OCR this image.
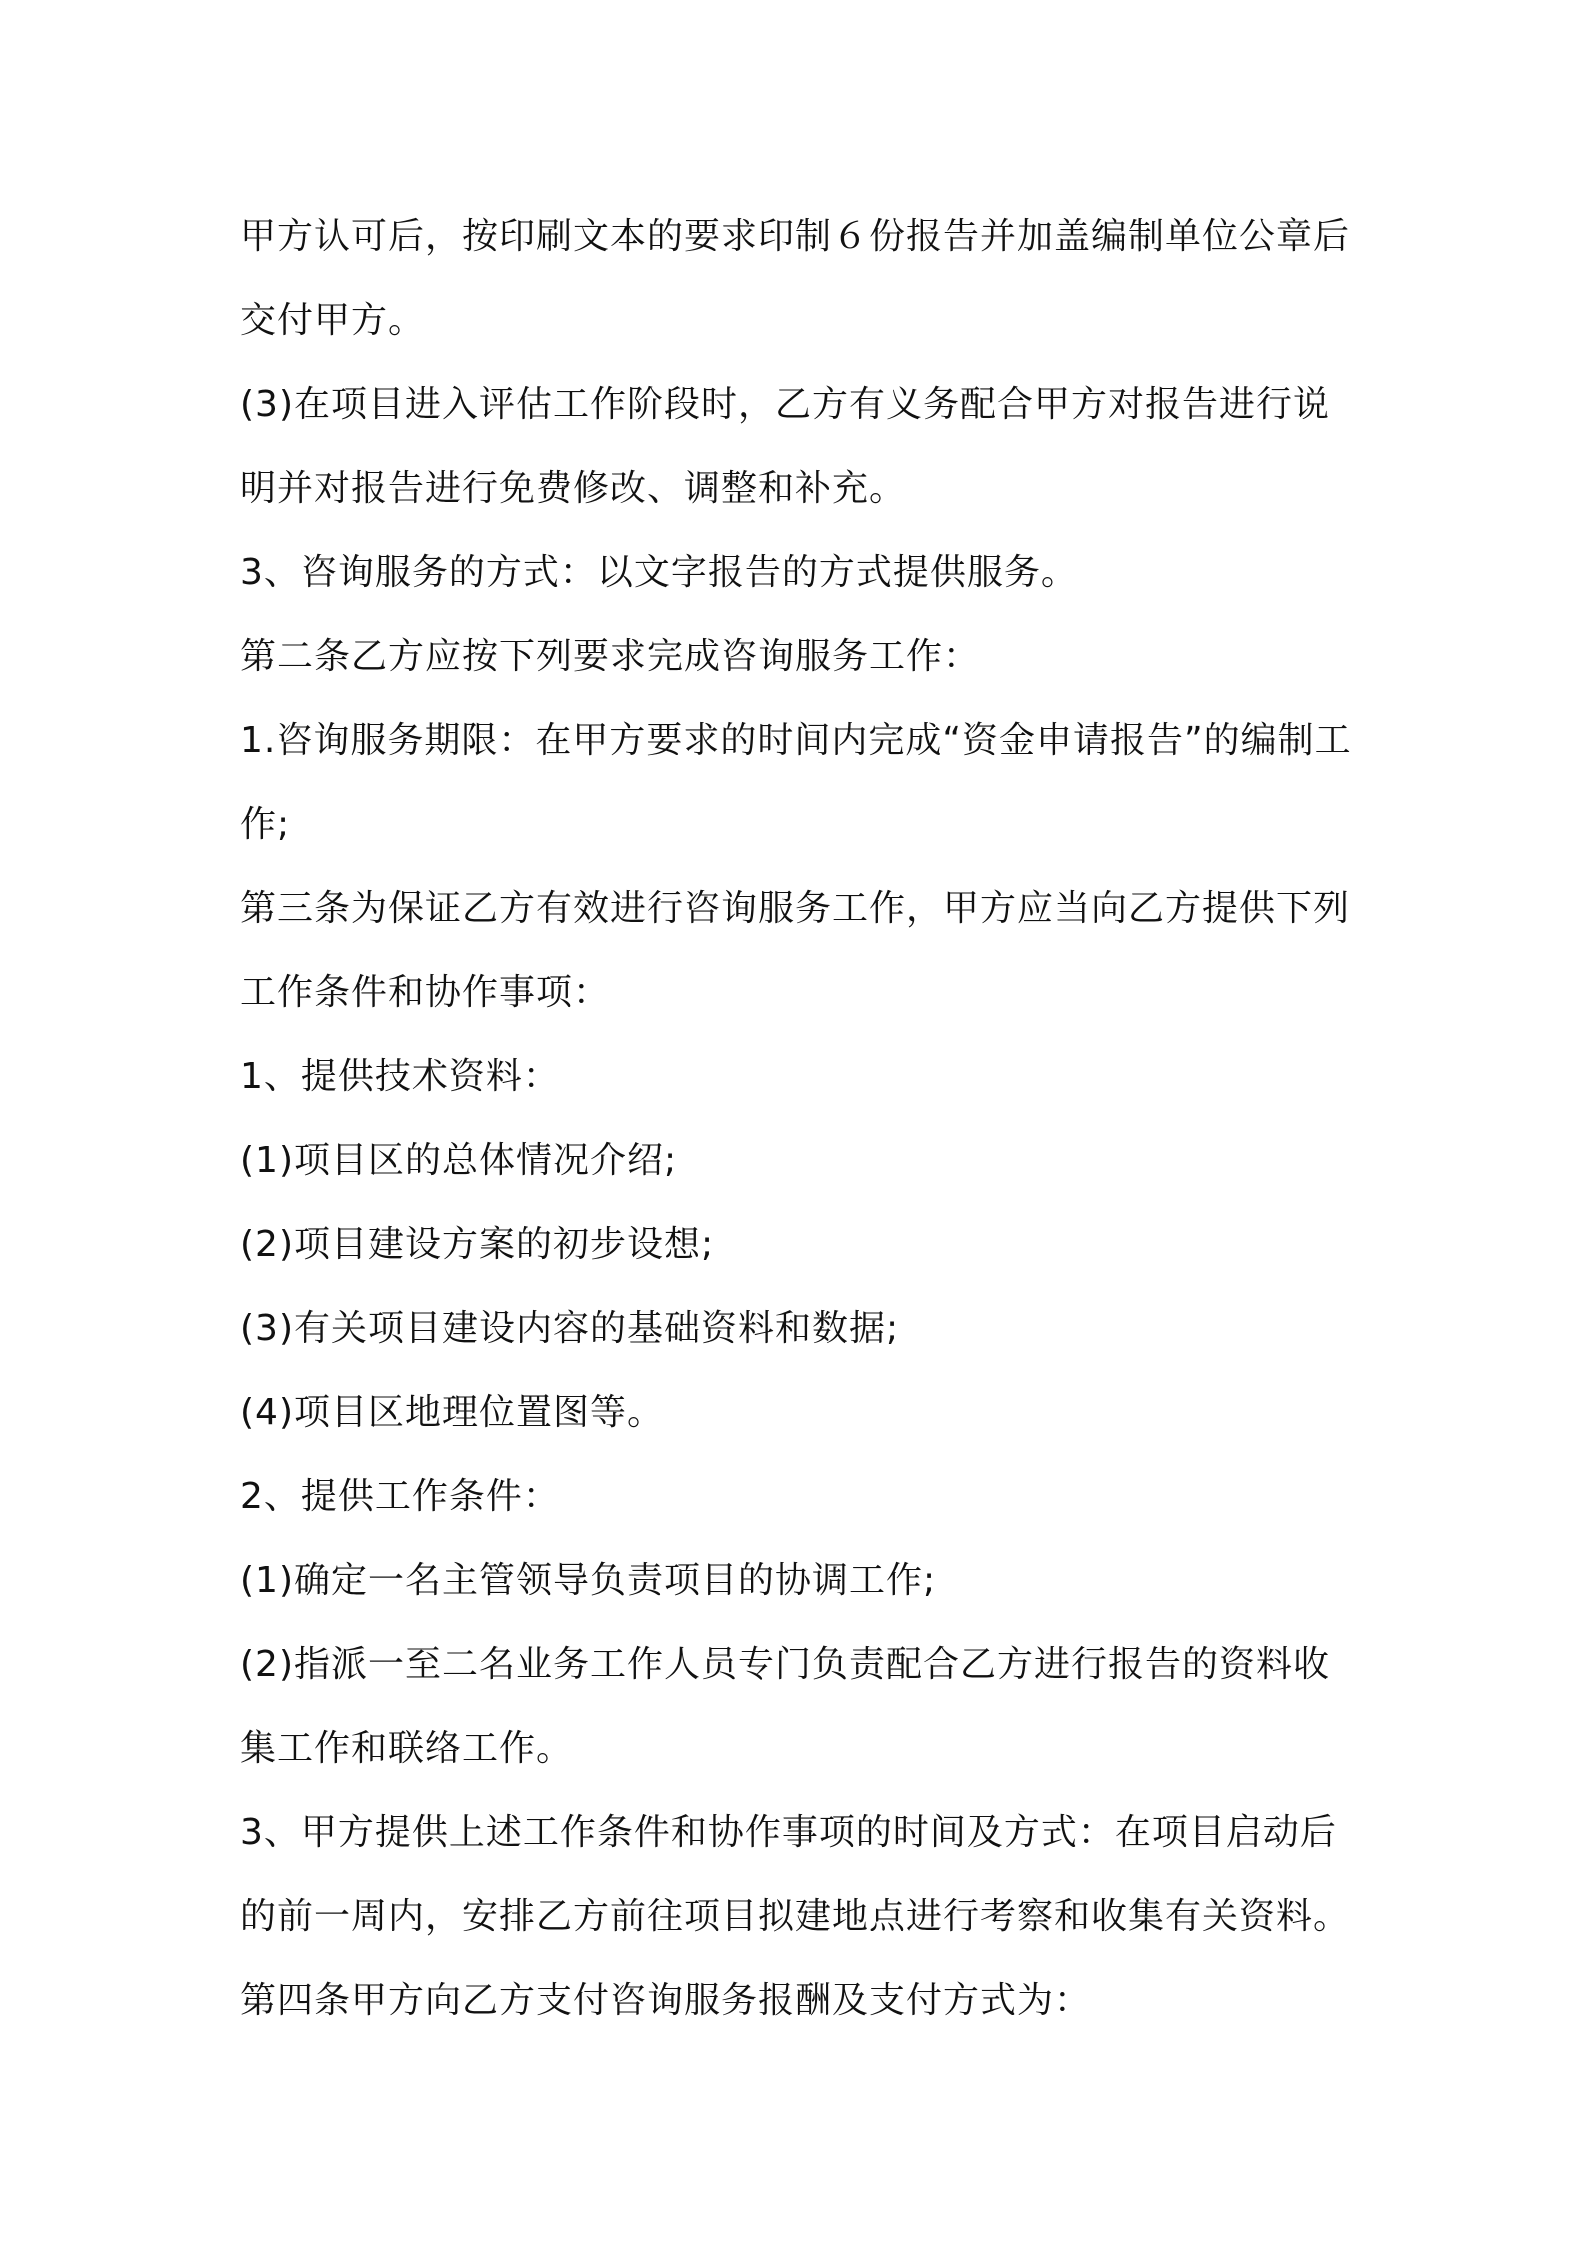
甲方认可后，按印刷文本的要求印制６份报告并加盖编制单位公章后交付甲方。

(3)在项目进入评估工作阶段时，乙方有义务配合甲方对报告进行说明并对报告进行免费修改、调整和补充。

3、咨询服务的方式：以文字报告的方式提供服务。

第二条乙方应按下列要求完成咨询服务工作：

1.咨询服务期限：在甲方要求的时间内完成“资金申请报告”的编制工作;

第三条为保证乙方有效进行咨询服务工作，甲方应当向乙方提供下列工作条件和协作事项：

1、提供技术资料：

(1)项目区的总体情况介绍;

(2)项目建设方案的初步设想;

(3)有关项目建设内容的基础资料和数据;

(4)项目区地理位置图等。

2、提供工作条件：

(1)确定一名主管领导负责项目的协调工作;

(2)指派一至二名业务工作人员专门负责配合乙方进行报告的资料收集工作和联络工作。

3、甲方提供上述工作条件和协作事项的时间及方式：在项目启动后的前一周内，安排乙方前往项目拟建地点进行考察和收集有关资料。

第四条甲方向乙方支付咨询服务报酬及支付方式为：
